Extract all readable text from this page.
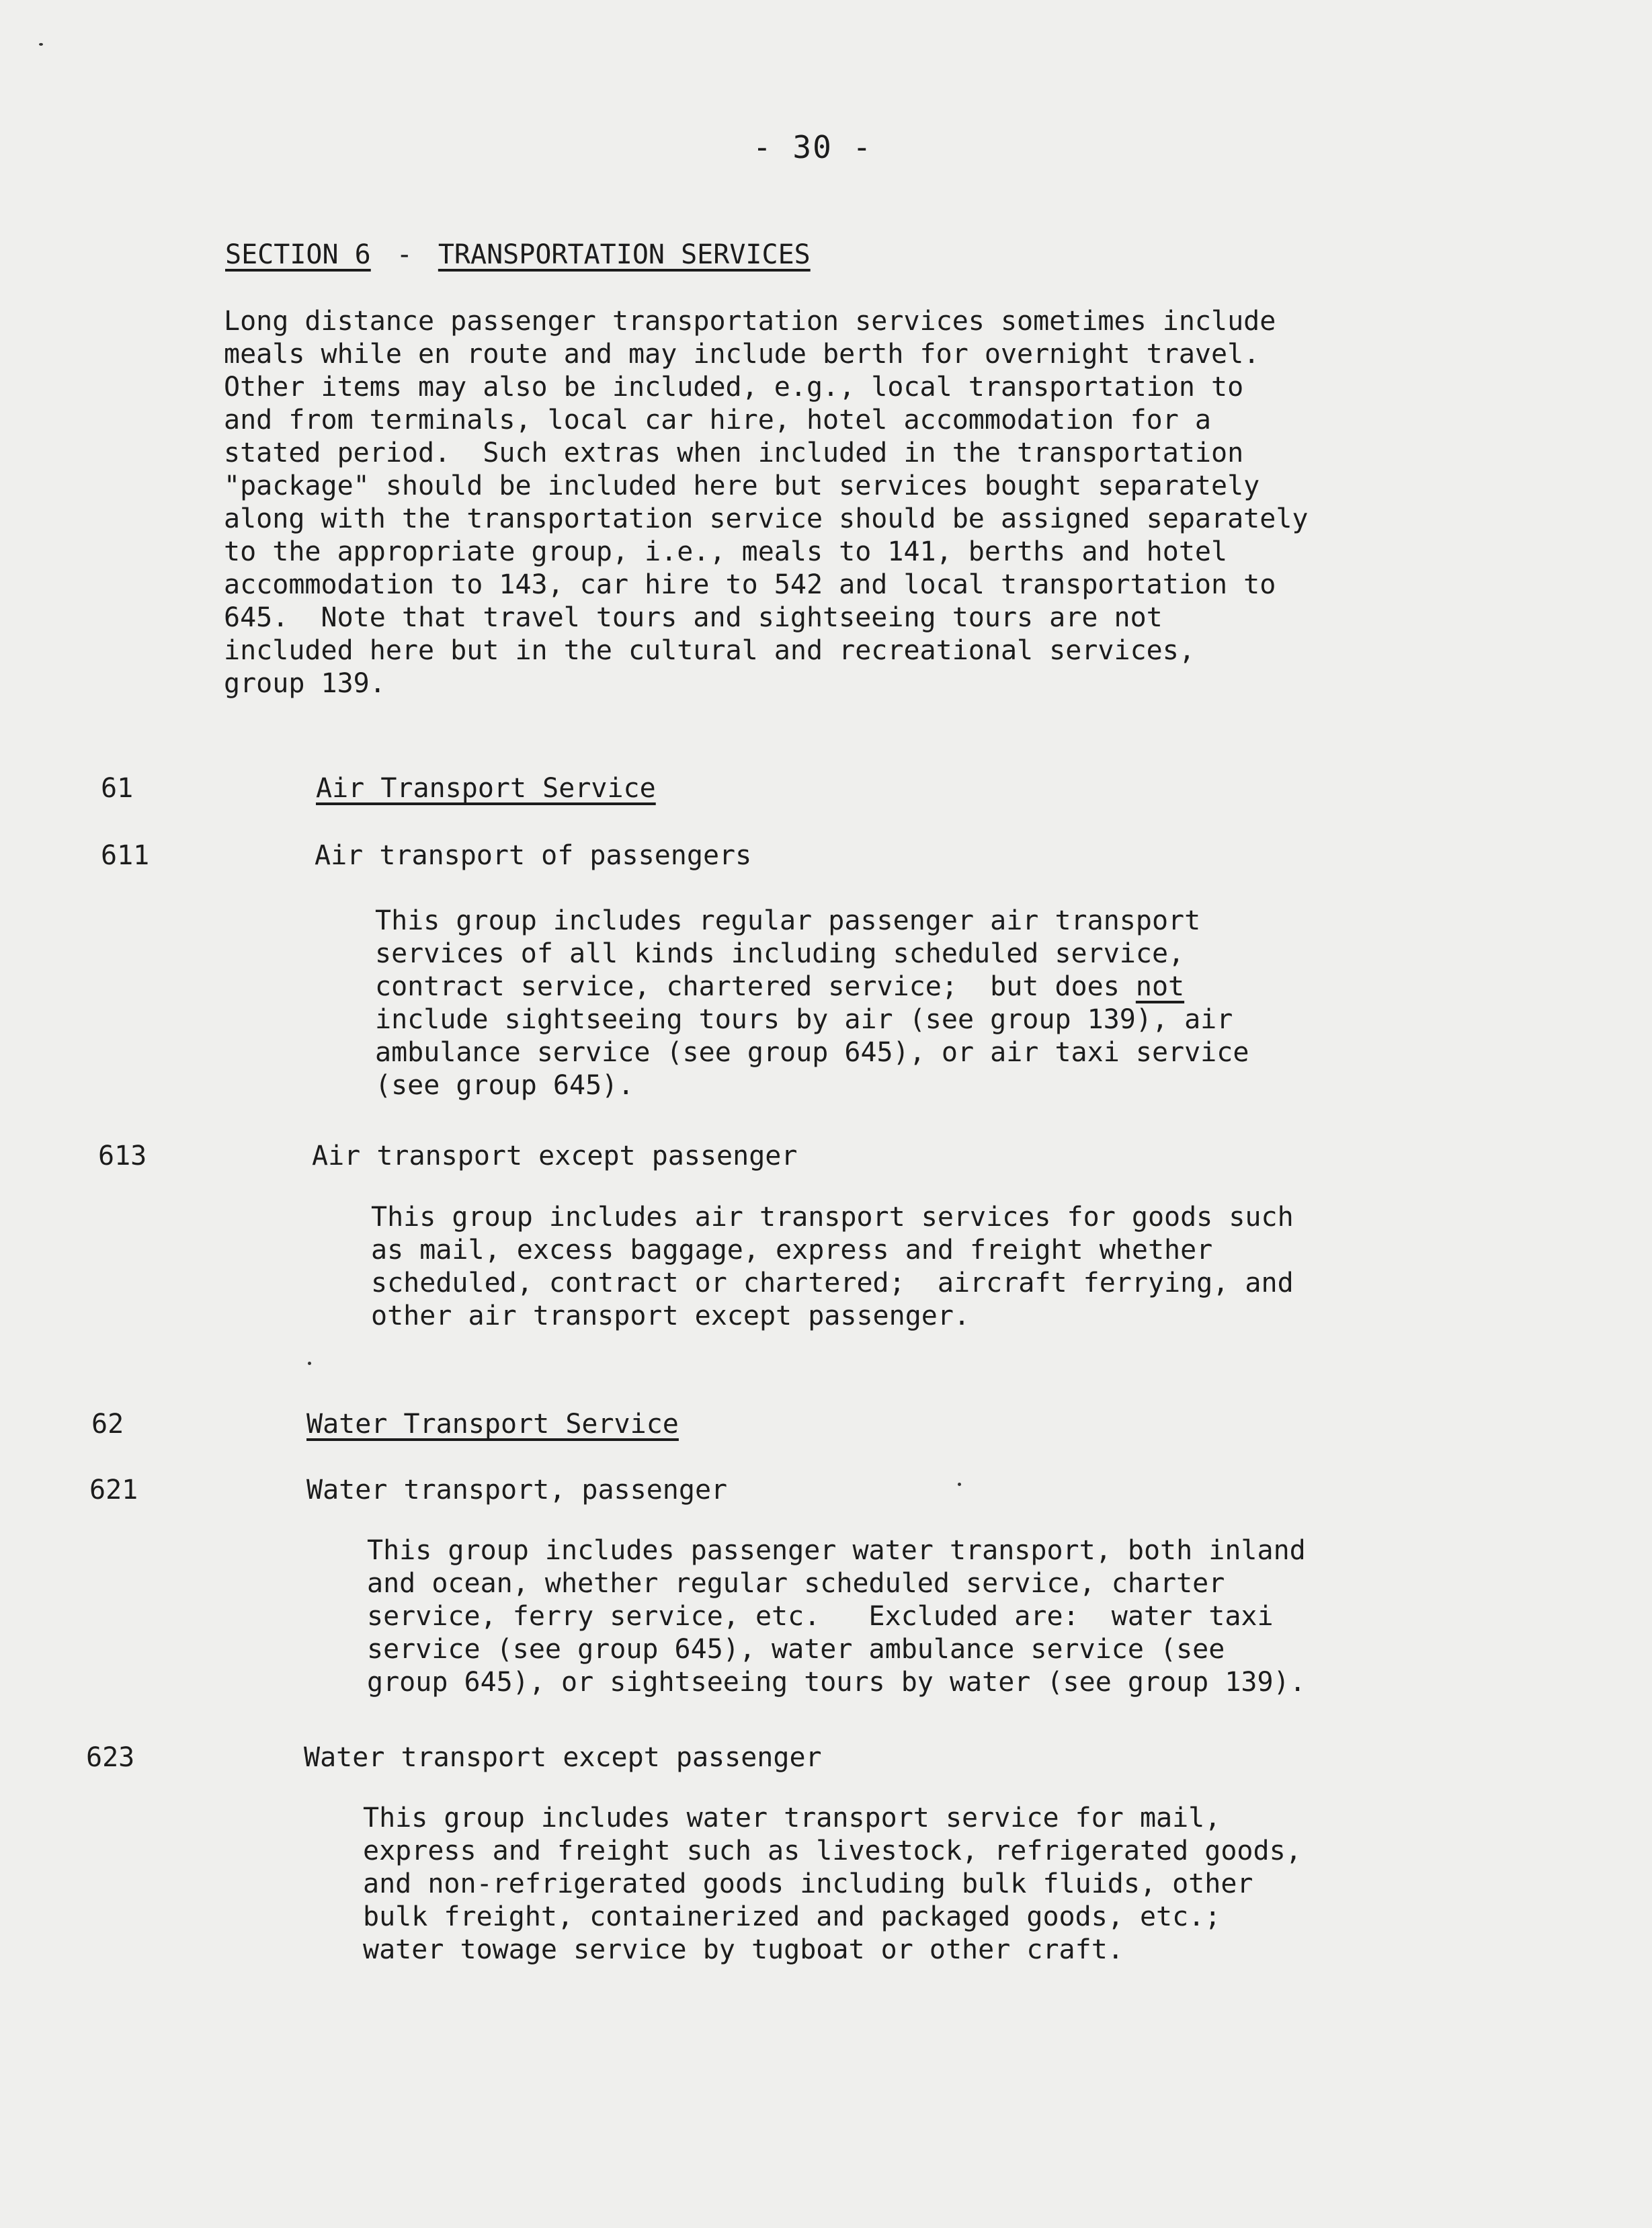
- 30 -
SECTION 6 - TRANSPORTATION SERVICES
Long distance passenger transportation services sometimes include
meals while en route and may include berth for overnight travel.
Other items may also be included, e.g., local transportation to
and from terminals, local car hire, hotel accommodation for a
stated period.  Such extras when included in the transportation
"package" should be included here but services bought separately
along with the transportation service should be assigned separately
to the appropriate group, i.e., meals to 141, berths and hotel
accommodation to 143, car hire to 542 and local transportation to
645.  Note that travel tours and sightseeing tours are not
included here but in the cultural and recreational services,
group 139.
61	Air Transport Service
611	Air transport of passengers
This group includes regular passenger air transport
services of all kinds including scheduled service,
contract service, chartered service;  but does not
include sightseeing tours by air (see group 139), air
ambulance service (see group 645), or air taxi service
(see group 645).
613	Air transport except passenger
This group includes air transport services for goods such
as mail, excess baggage, express and freight whether
scheduled, contract or chartered;  aircraft ferrying, and
other air transport except passenger.
62	Water Transport Service
621	Water transport, passenger
This group includes passenger water transport, both inland
and ocean, whether regular scheduled service, charter
service, ferry service, etc.   Excluded are:  water taxi
service (see group 645), water ambulance service (see
group 645), or sightseeing tours by water (see group 139).
623	Water transport except passenger
This group includes water transport service for mail,
express and freight such as livestock, refrigerated goods,
and non-refrigerated goods including bulk fluids, other
bulk freight, containerized and packaged goods, etc.;
water towage service by tugboat or other craft.
